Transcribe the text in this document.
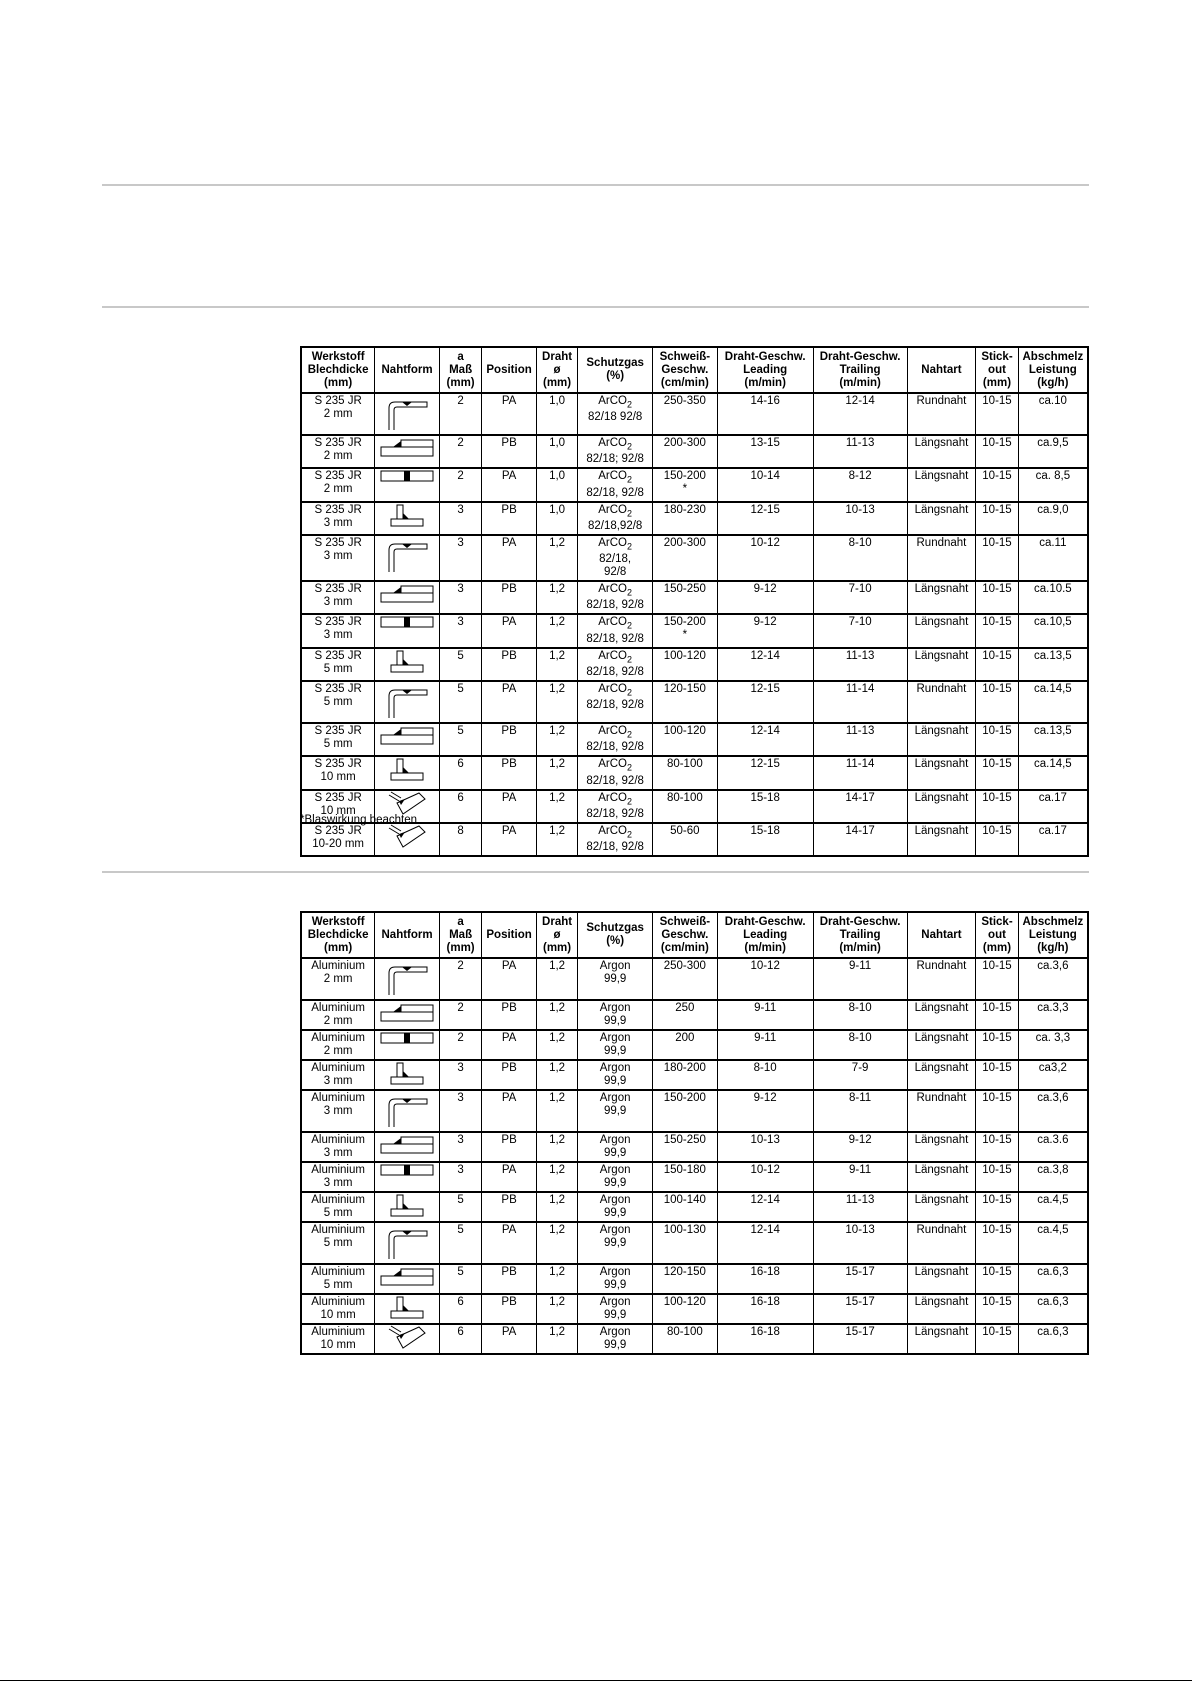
Werkstoff
Blechdicke
(mm)	Nahtform	a
Maß
(mm)	Position	Draht
ø
(mm)	Schutzgas
(%)	Schweiß-
Geschw.
(cm/min)	Draht-Geschw.
Leading
(m/min)	Draht-Geschw.
Trailing
(m/min)	Nahtart	Stick-
out
(mm)	Abschmelz
Leistung
(kg/h)
S 235 JR
2 mm		2	PA	1,0	ArCO$_2$
82/18 92/8	250-350	14-16	12-14	Rundnaht	10-15	ca.10
S 235 JR
2 mm		2	PB	1,0	ArCO$_2$
82/18; 92/8	200-300	13-15	11-13	Längsnaht	10-15	ca.9,5
S 235 JR
2 mm		2	PA	1,0	ArCO$_2$
82/18, 92/8	150-200
*	10-14	8-12	Längsnaht	10-15	ca. 8,5
S 235 JR
3 mm		3	PB	1,0	ArCO$_2$
82/18,92/8	180-230	12-15	10-13	Längsnaht	10-15	ca.9,0
S 235 JR
3 mm		3	PA	1,2	ArCO$_2$
82/18,
92/8	200-300	10-12	8-10	Rundnaht	10-15	ca.11
S 235 JR
3 mm		3	PB	1,2	ArCO$_2$
82/18, 92/8	150-250	9-12	7-10	Längsnaht	10-15	ca.10.5
S 235 JR
3 mm		3	PA	1,2	ArCO$_2$
82/18, 92/8	150-200
*	9-12	7-10	Längsnaht	10-15	ca.10,5
S 235 JR
5 mm		5	PB	1,2	ArCO$_2$
82/18, 92/8	100-120	12-14	11-13	Längsnaht	10-15	ca.13,5
S 235 JR
5 mm		5	PA	1,2	ArCO$_2$
82/18, 92/8	120-150	12-15	11-14	Rundnaht	10-15	ca.14,5
S 235 JR
5 mm		5	PB	1,2	ArCO$_2$
82/18, 92/8	100-120	12-14	11-13	Längsnaht	10-15	ca.13,5
S 235 JR
10 mm		6	PB	1,2	ArCO$_2$
82/18, 92/8	80-100	12-15	11-14	Längsnaht	10-15	ca.14,5
S 235 JR
10 mm		6	PA	1,2	ArCO$_2$
82/18, 92/8	80-100	15-18	14-17	Längsnaht	10-15	ca.17
S 235 JR
10-20 mm		8	PA	1,2	ArCO$_2$
82/18, 92/8	50-60	15-18	14-17	Längsnaht	10-15	ca.17
*Blaswirkung beachten
Werkstoff
Blechdicke
(mm)	Nahtform	a
Maß
(mm)	Position	Draht
ø
(mm)	Schutzgas
(%)	Schweiß-
Geschw.
(cm/min)	Draht-Geschw.
Leading
(m/min)	Draht-Geschw.
Trailing
(m/min)	Nahtart	Stick-
out
(mm)	Abschmelz
Leistung
(kg/h)
Aluminium
2 mm		2	PA	1,2	Argon
99,9	250-300	10-12	9-11	Rundnaht	10-15	ca.3,6
Aluminium
2 mm		2	PB	1,2	Argon
99,9	250	9-11	8-10	Längsnaht	10-15	ca.3,3
Aluminium
2 mm		2	PA	1,2	Argon
99,9	200	9-11	8-10	Längsnaht	10-15	ca. 3,3
Aluminium
3 mm		3	PB	1,2	Argon
99,9	180-200	8-10	7-9	Längsnaht	10-15	ca3,2
Aluminium
3 mm		3	PA	1,2	Argon
99,9	150-200	9-12	8-11	Rundnaht	10-15	ca.3,6
Aluminium
3 mm		3	PB	1,2	Argon
99,9	150-250	10-13	9-12	Längsnaht	10-15	ca.3.6
Aluminium
3 mm		3	PA	1,2	Argon
99,9	150-180	10-12	9-11	Längsnaht	10-15	ca.3,8
Aluminium
5 mm		5	PB	1,2	Argon
99,9	100-140	12-14	11-13	Längsnaht	10-15	ca.4,5
Aluminium
5 mm		5	PA	1,2	Argon
99,9	100-130	12-14	10-13	Rundnaht	10-15	ca.4,5
Aluminium
5 mm		5	PB	1,2	Argon
99,9	120-150	16-18	15-17	Längsnaht	10-15	ca.6,3
Aluminium
10 mm		6	PB	1,2	Argon
99,9	100-120	16-18	15-17	Längsnaht	10-15	ca.6,3
Aluminium
10 mm		6	PA	1,2	Argon
99,9	80-100	16-18	15-17	Längsnaht	10-15	ca.6,3
